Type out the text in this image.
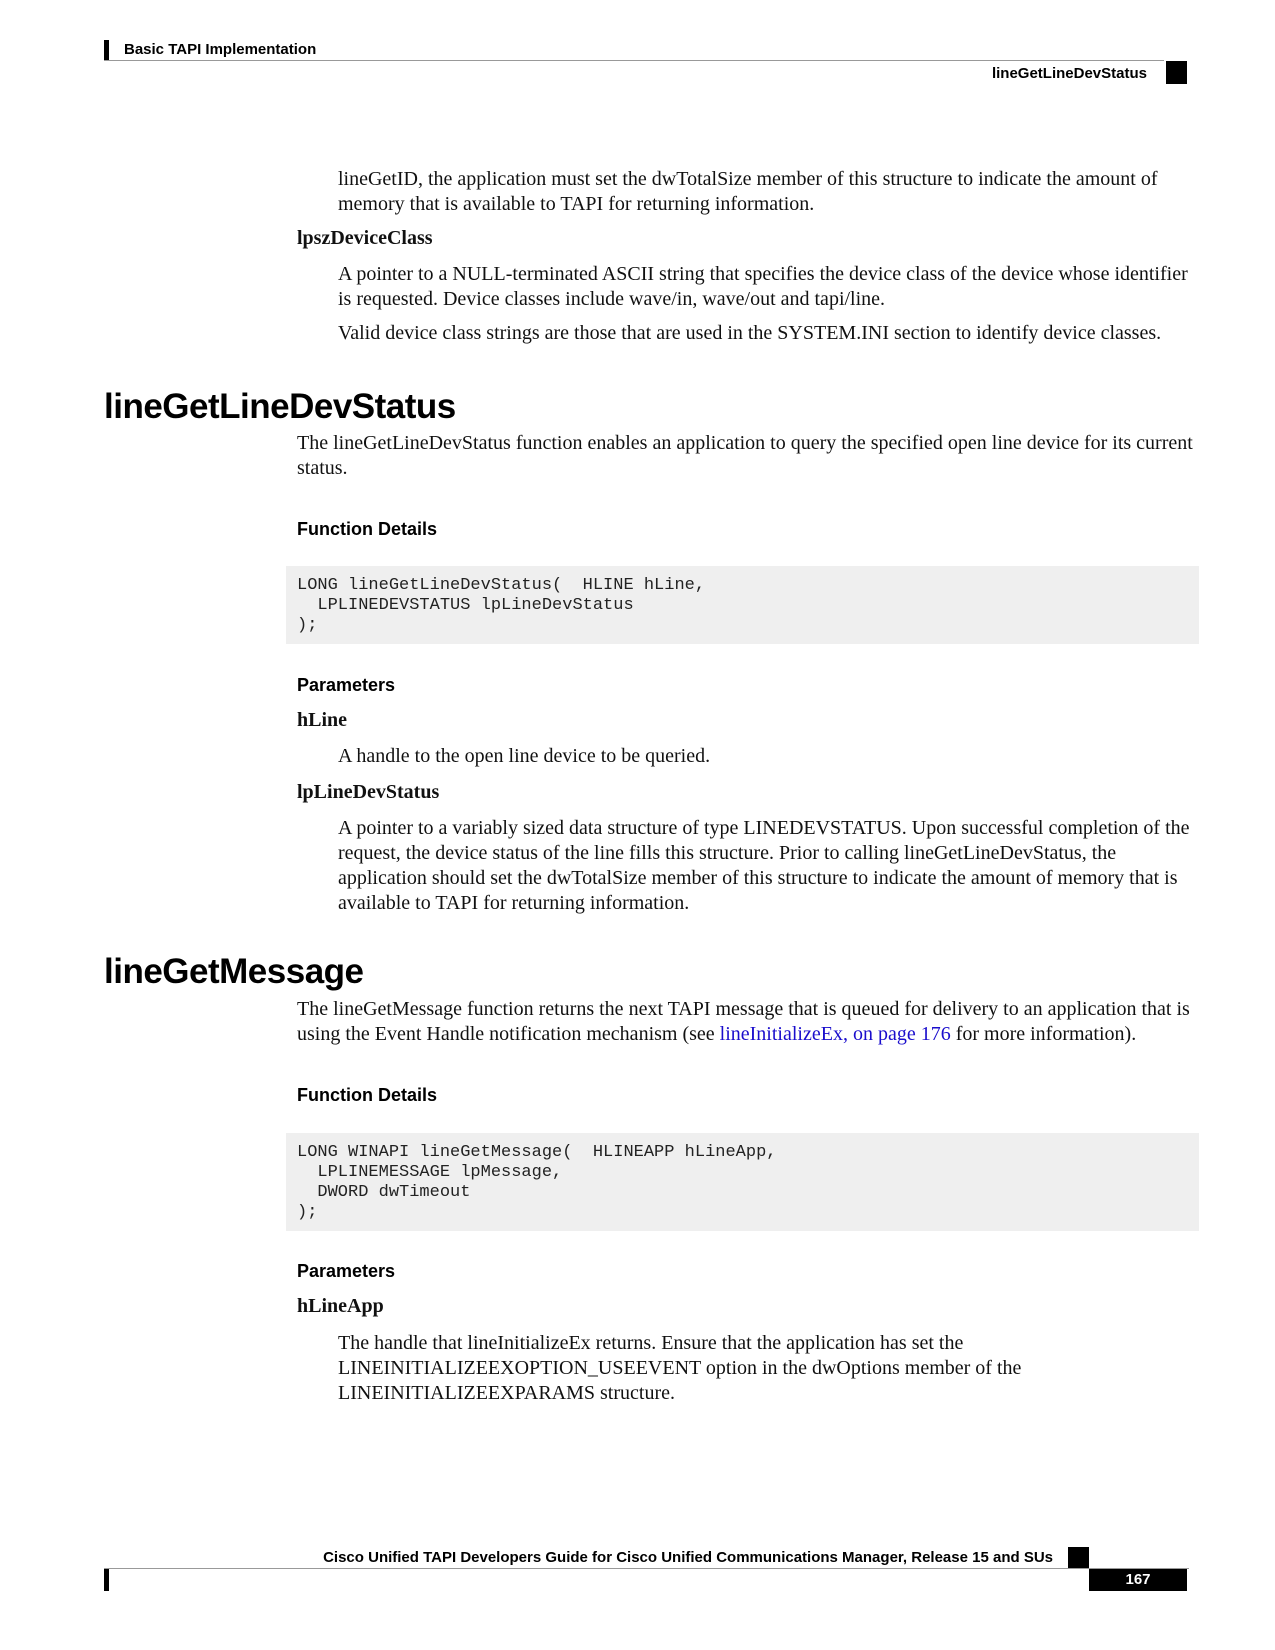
Basic TAPI Implementation
lineGetLineDevStatus

lineGetID, the application must set the dwTotalSize member of this structure to indicate the amount of memory that is available to TAPI for returning information.

lpszDeviceClass

A pointer to a NULL-terminated ASCII string that specifies the device class of the device whose identifier is requested. Device classes include wave/in, wave/out and tapi/line.

Valid device class strings are those that are used in the SYSTEM.INI section to identify device classes.

lineGetLineDevStatus

The lineGetLineDevStatus function enables an application to query the specified open line device for its current status.

Function Details
LONG lineGetLineDevStatus(  HLINE hLine,
LPLINEDEVSTATUS lpLineDevStatus
);
Parameters
hLine

A handle to the open line device to be queried.

lpLineDevStatus

A pointer to a variably sized data structure of type LINEDEVSTATUS. Upon successful completion of the request, the device status of the line fills this structure. Prior to calling lineGetLineDevStatus, the application should set the dwTotalSize member of this structure to indicate the amount of memory that is available to TAPI for returning information.

lineGetMessage

The lineGetMessage function returns the next TAPI message that is queued for delivery to an application that is using the Event Handle notification mechanism (see lineInitializeEx, on page 176 for more information).

Function Details
LONG WINAPI lineGetMessage(  HLINEAPP hLineApp,
LPLINEMESSAGE lpMessage,
DWORD dwTimeout
);
Parameters
hLineApp

The handle that lineInitializeEx returns. Ensure that the application has set the LINEINITIALIZEEXOPTION_USEEVENT option in the dwOptions member of the LINEINITIALIZEEXPARAMS structure.

Cisco Unified TAPI Developers Guide for Cisco Unified Communications Manager, Release 15 and SUs
167
